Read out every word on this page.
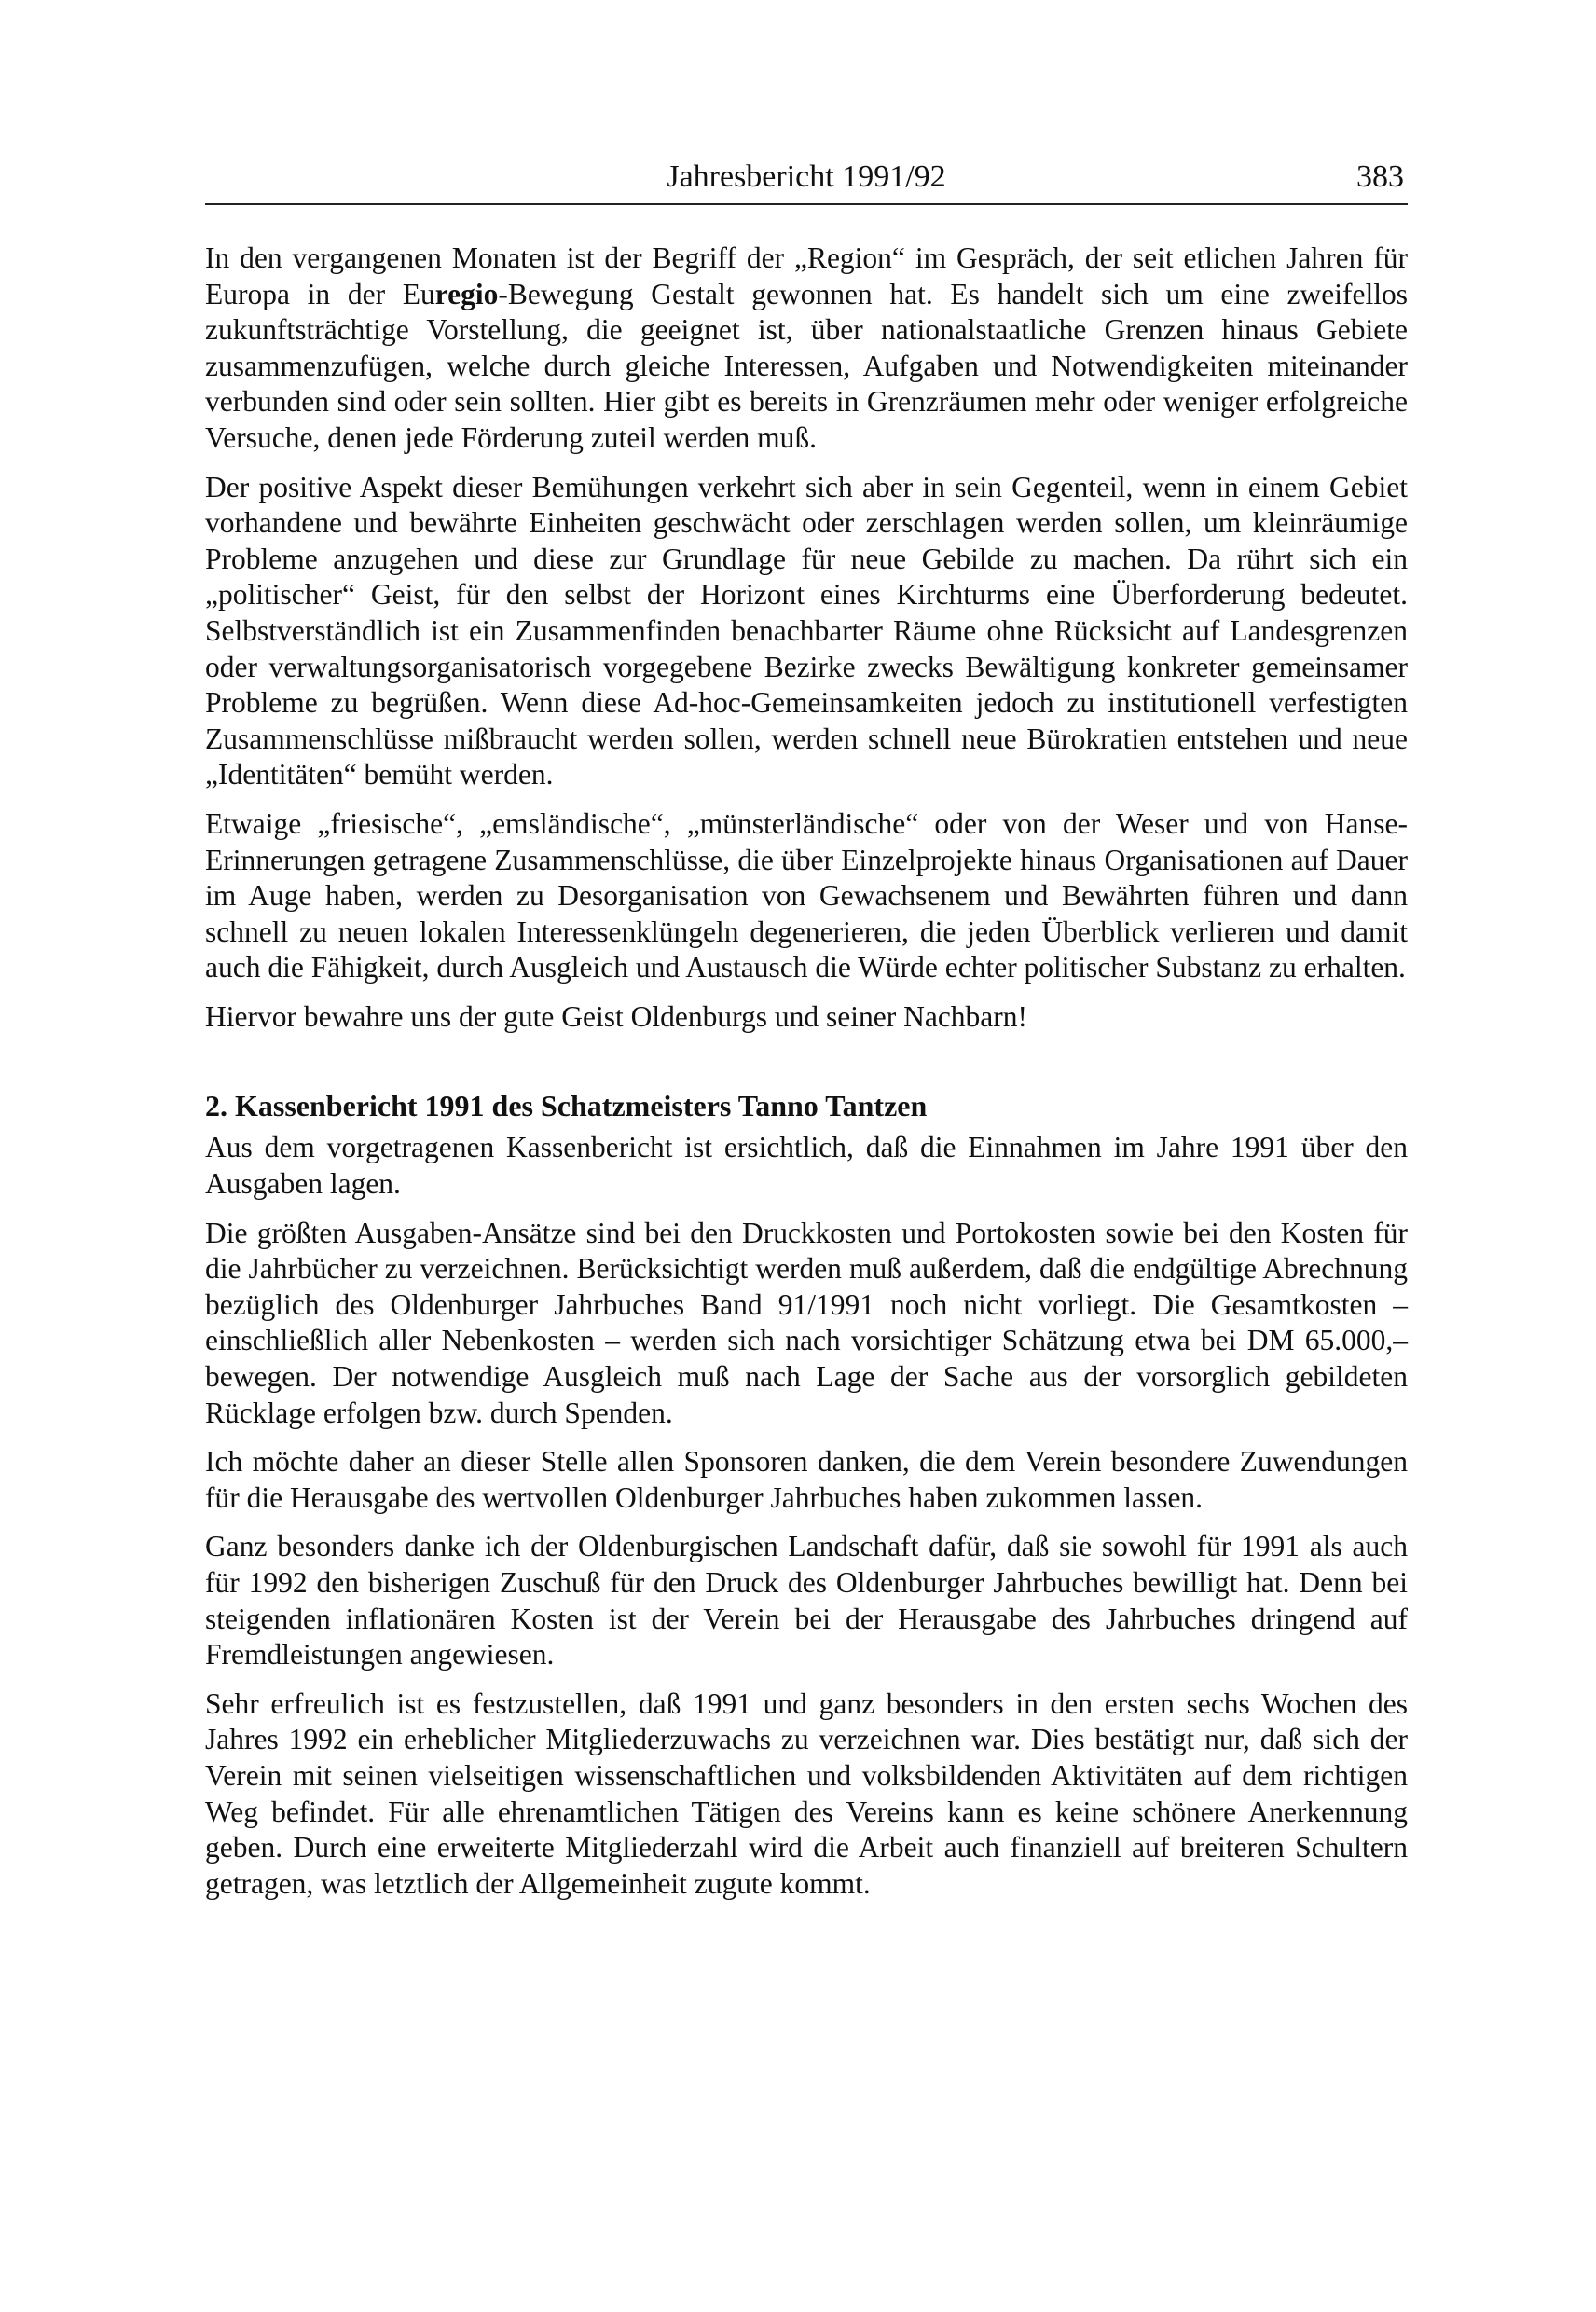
Jahresbericht 1991/92	383

In den vergangenen Monaten ist der Begriff der „Region“ im Gespräch, der seit etlichen Jahren für Europa in der Euregio-Bewegung Gestalt gewonnen hat. Es handelt sich um eine zweifellos zukunftsträchtige Vorstellung, die geeignet ist, über nationalstaatliche Grenzen hinaus Gebiete zusammenzufügen, welche durch gleiche Interessen, Aufgaben und Notwendigkeiten miteinander verbunden sind oder sein sollten. Hier gibt es bereits in Grenzräumen mehr oder weniger erfolgreiche Versuche, denen jede Förderung zuteil werden muß.

Der positive Aspekt dieser Bemühungen verkehrt sich aber in sein Gegenteil, wenn in einem Gebiet vorhandene und bewährte Einheiten geschwächt oder zerschlagen werden sollen, um kleinräumige Probleme anzugehen und diese zur Grundlage für neue Gebilde zu machen. Da rührt sich ein „politischer“ Geist, für den selbst der Horizont eines Kirchturms eine Überforderung bedeutet. Selbstverständlich ist ein Zusammenfinden benachbarter Räume ohne Rücksicht auf Landesgrenzen oder verwaltungsorganisatorisch vorgegebene Bezirke zwecks Bewältigung konkreter gemeinsamer Probleme zu begrüßen. Wenn diese Ad-hoc-Gemeinsamkeiten jedoch zu institutionell verfestigten Zusammenschlüsse mißbraucht werden sollen, werden schnell neue Bürokratien entstehen und neue „Identitäten“ bemüht werden.

Etwaige „friesische“, „emsländische“, „münsterländische“ oder von der Weser und von Hanse-Erinnerungen getragene Zusammenschlüsse, die über Einzelprojekte hinaus Organisationen auf Dauer im Auge haben, werden zu Desorganisation von Gewachsenem und Bewährten führen und dann schnell zu neuen lokalen Interessenklüngeln degenerieren, die jeden Überblick verlieren und damit auch die Fähigkeit, durch Ausgleich und Austausch die Würde echter politischer Substanz zu erhalten.

Hiervor bewahre uns der gute Geist Oldenburgs und seiner Nachbarn!

2. Kassenbericht 1991 des Schatzmeisters Tanno Tantzen

Aus dem vorgetragenen Kassenbericht ist ersichtlich, daß die Einnahmen im Jahre 1991 über den Ausgaben lagen.

Die größten Ausgaben-Ansätze sind bei den Druckkosten und Portokosten sowie bei den Kosten für die Jahrbücher zu verzeichnen. Berücksichtigt werden muß außerdem, daß die endgültige Abrechnung bezüglich des Oldenburger Jahrbuches Band 91/1991 noch nicht vorliegt. Die Gesamtkosten – einschließlich aller Nebenkosten – werden sich nach vorsichtiger Schätzung etwa bei DM 65.000,– bewegen. Der notwendige Ausgleich muß nach Lage der Sache aus der vorsorglich gebildeten Rücklage erfolgen bzw. durch Spenden.

Ich möchte daher an dieser Stelle allen Sponsoren danken, die dem Verein besondere Zuwendungen für die Herausgabe des wertvollen Oldenburger Jahrbuches haben zukommen lassen.

Ganz besonders danke ich der Oldenburgischen Landschaft dafür, daß sie sowohl für 1991 als auch für 1992 den bisherigen Zuschuß für den Druck des Oldenburger Jahrbuches bewilligt hat. Denn bei steigenden inflationären Kosten ist der Verein bei der Herausgabe des Jahrbuches dringend auf Fremdleistungen angewiesen.

Sehr erfreulich ist es festzustellen, daß 1991 und ganz besonders in den ersten sechs Wochen des Jahres 1992 ein erheblicher Mitgliederzuwachs zu verzeichnen war. Dies bestätigt nur, daß sich der Verein mit seinen vielseitigen wissenschaftlichen und volksbildenden Aktivitäten auf dem richtigen Weg befindet. Für alle ehrenamtlichen Tätigen des Vereins kann es keine schönere Anerkennung geben. Durch eine erweiterte Mitgliederzahl wird die Arbeit auch finanziell auf breiteren Schultern getragen, was letztlich der Allgemeinheit zugute kommt.
